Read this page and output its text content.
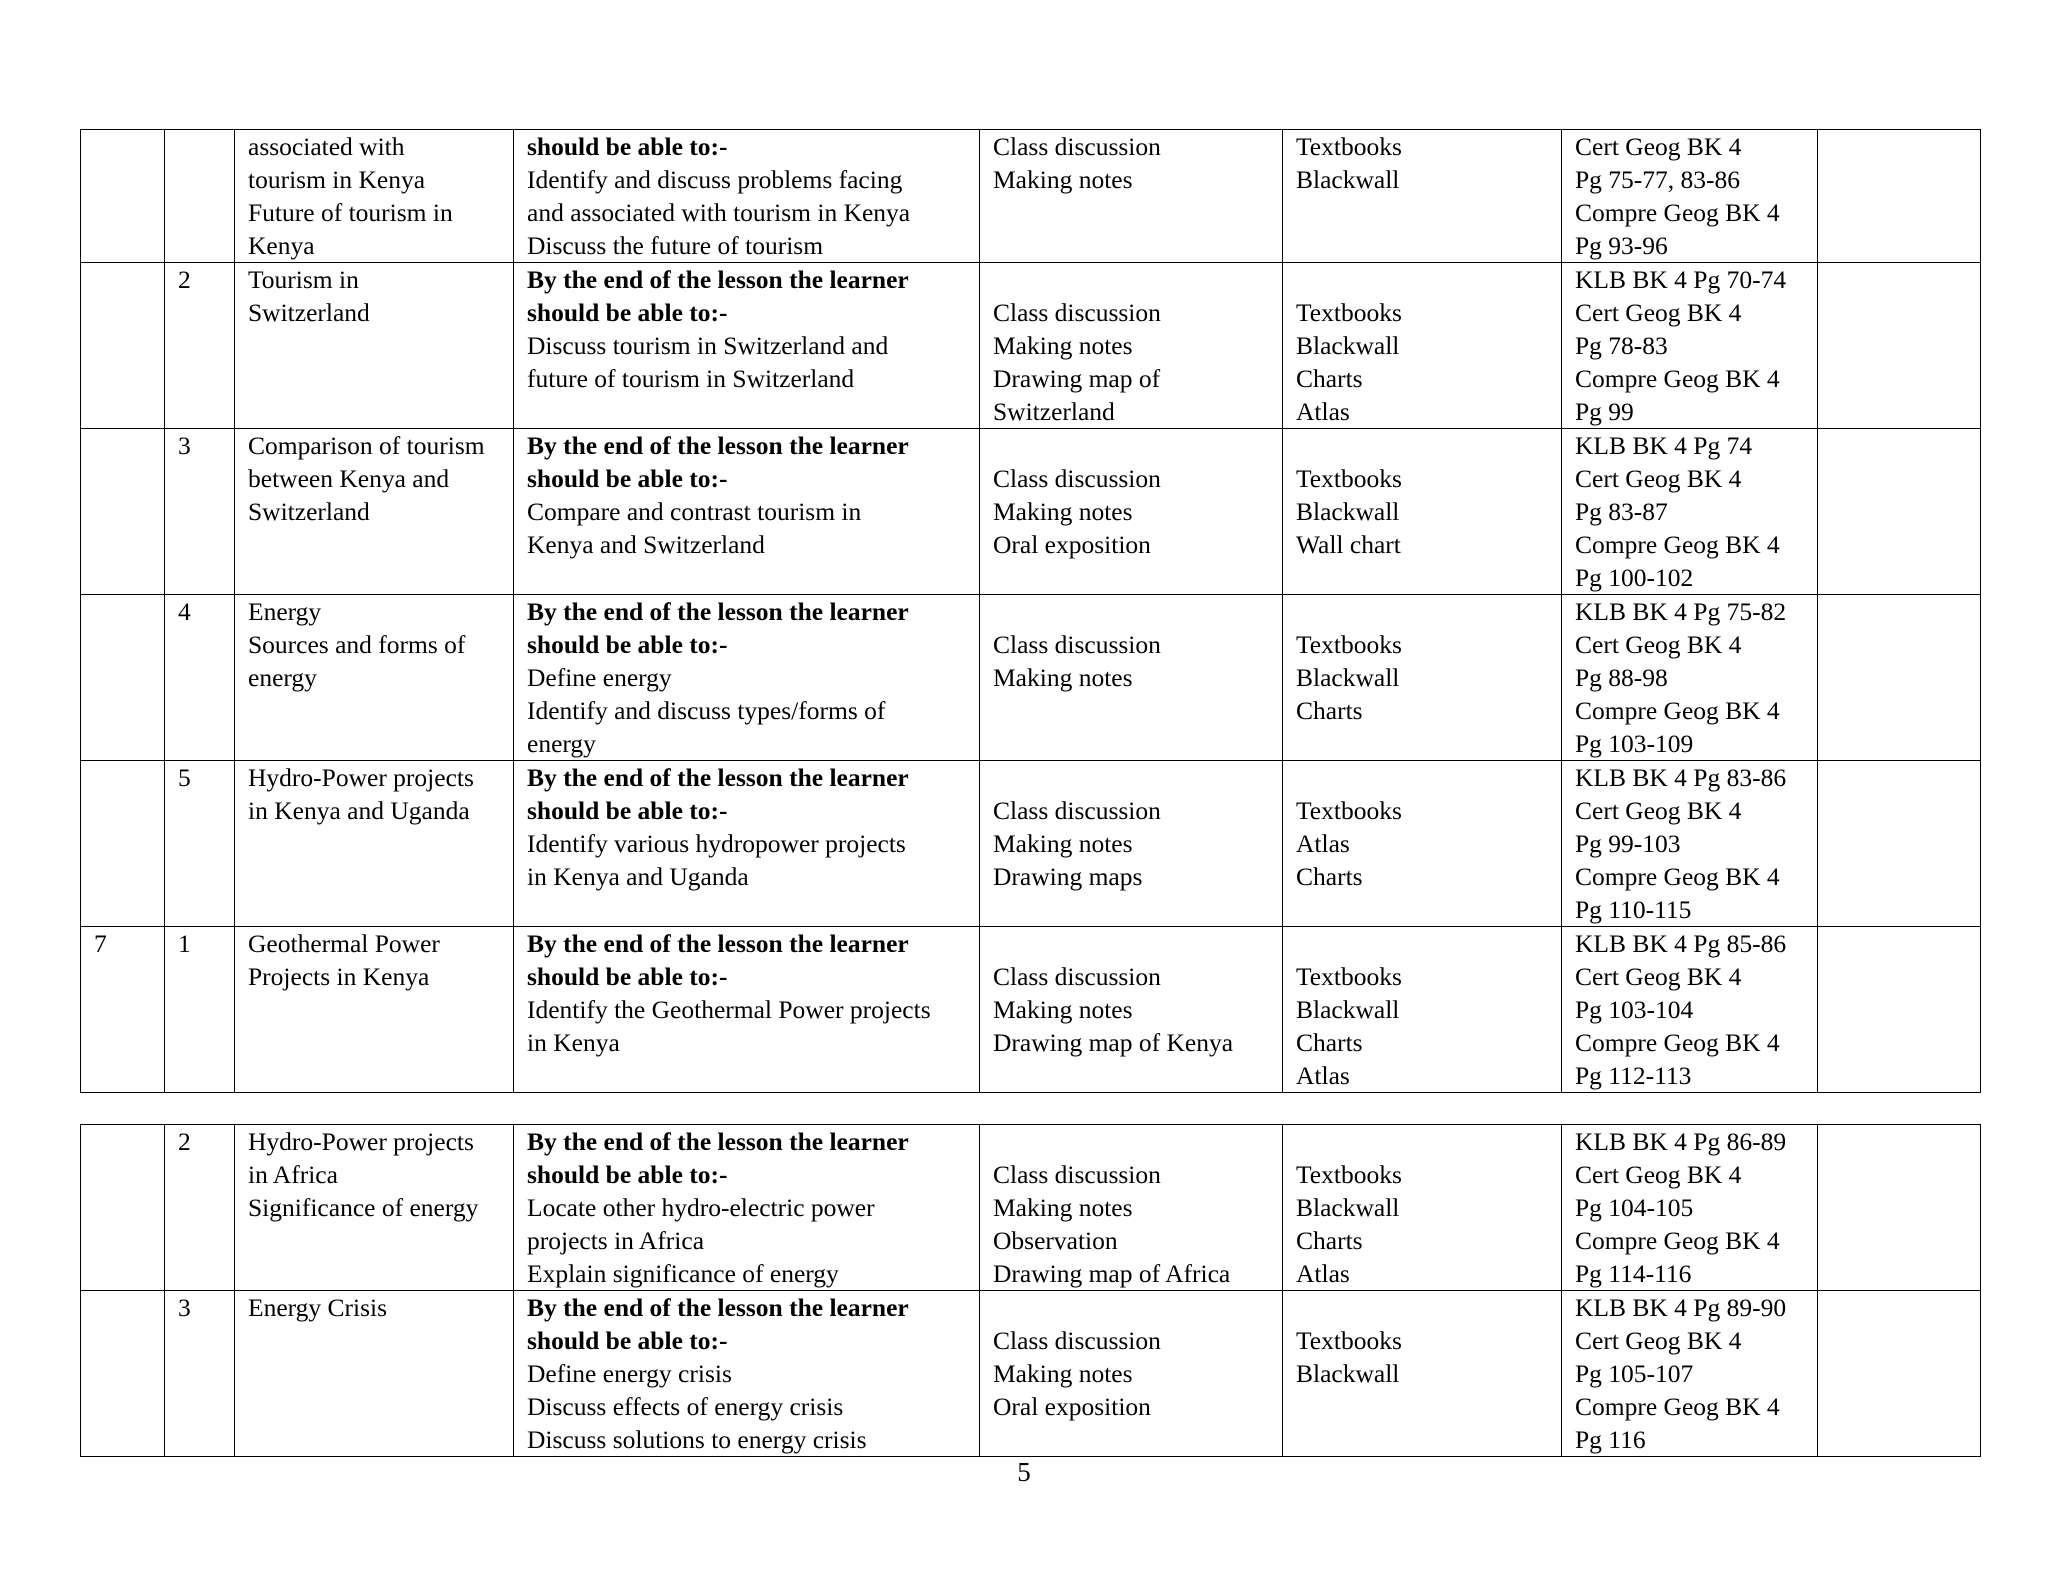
		associated with
tourism in Kenya
Future of tourism in
Kenya	should be able to:-
Identify and discuss problems facing
and associated with tourism in Kenya
Discuss the future of tourism	Class discussion
Making notes	Textbooks
Blackwall	Cert Geog BK 4
Pg 75-77, 83-86
Compre Geog BK 4
Pg 93-96	

	2	Tourism in
Switzerland	By the end of the lesson the learner
should be able to:-
Discuss tourism in Switzerland and
future of tourism in Switzerland	Class discussion
Making notes
Drawing map of
Switzerland	Textbooks
Blackwall
Charts
Atlas	KLB BK 4 Pg 70-74
Cert Geog BK 4
Pg 78-83
Compre Geog BK 4
Pg 99	

	3	Comparison of tourism
between Kenya and
Switzerland	By the end of the lesson the learner
should be able to:-
Compare and contrast tourism in
Kenya and Switzerland	Class discussion
Making notes
Oral exposition	Textbooks
Blackwall
Wall chart	KLB BK 4 Pg 74
Cert Geog BK 4
Pg 83-87
Compre Geog BK 4
Pg 100-102	

	4	Energy
Sources and forms of
energy	By the end of the lesson the learner
should be able to:-
Define energy
Identify and discuss types/forms of
energy	Class discussion
Making notes	Textbooks
Blackwall
Charts	KLB BK 4 Pg 75-82
Cert Geog BK 4
Pg 88-98
Compre Geog BK 4
Pg 103-109	

	5	Hydro-Power projects
in Kenya and Uganda	By the end of the lesson the learner
should be able to:-
Identify various hydropower projects
in Kenya and Uganda	Class discussion
Making notes
Drawing maps	Textbooks
Atlas
Charts	KLB BK 4 Pg 83-86
Cert Geog BK 4
Pg 99-103
Compre Geog BK 4
Pg 110-115	

7	1	Geothermal Power
Projects in Kenya	By the end of the lesson the learner
should be able to:-
Identify the Geothermal Power projects
in Kenya	Class discussion
Making notes
Drawing map of Kenya	Textbooks
Blackwall
Charts
Atlas	KLB BK 4 Pg 85-86
Cert Geog BK 4
Pg 103-104
Compre Geog BK 4
Pg 112-113	

	2	Hydro-Power projects
in Africa
Significance of energy	By the end of the lesson the learner
should be able to:-
Locate other hydro-electric power
projects in Africa
Explain significance of energy	Class discussion
Making notes
Observation
Drawing map of Africa	Textbooks
Blackwall
Charts
Atlas	KLB BK 4 Pg 86-89
Cert Geog BK 4
Pg 104-105
Compre Geog BK 4
Pg 114-116	

	3	Energy Crisis	By the end of the lesson the learner
should be able to:-
Define energy crisis
Discuss effects of energy crisis
Discuss solutions to energy crisis	Class discussion
Making notes
Oral exposition	Textbooks
Blackwall	KLB BK 4 Pg 89-90
Cert Geog BK 4
Pg 105-107
Compre Geog BK 4
Pg 116	

5
